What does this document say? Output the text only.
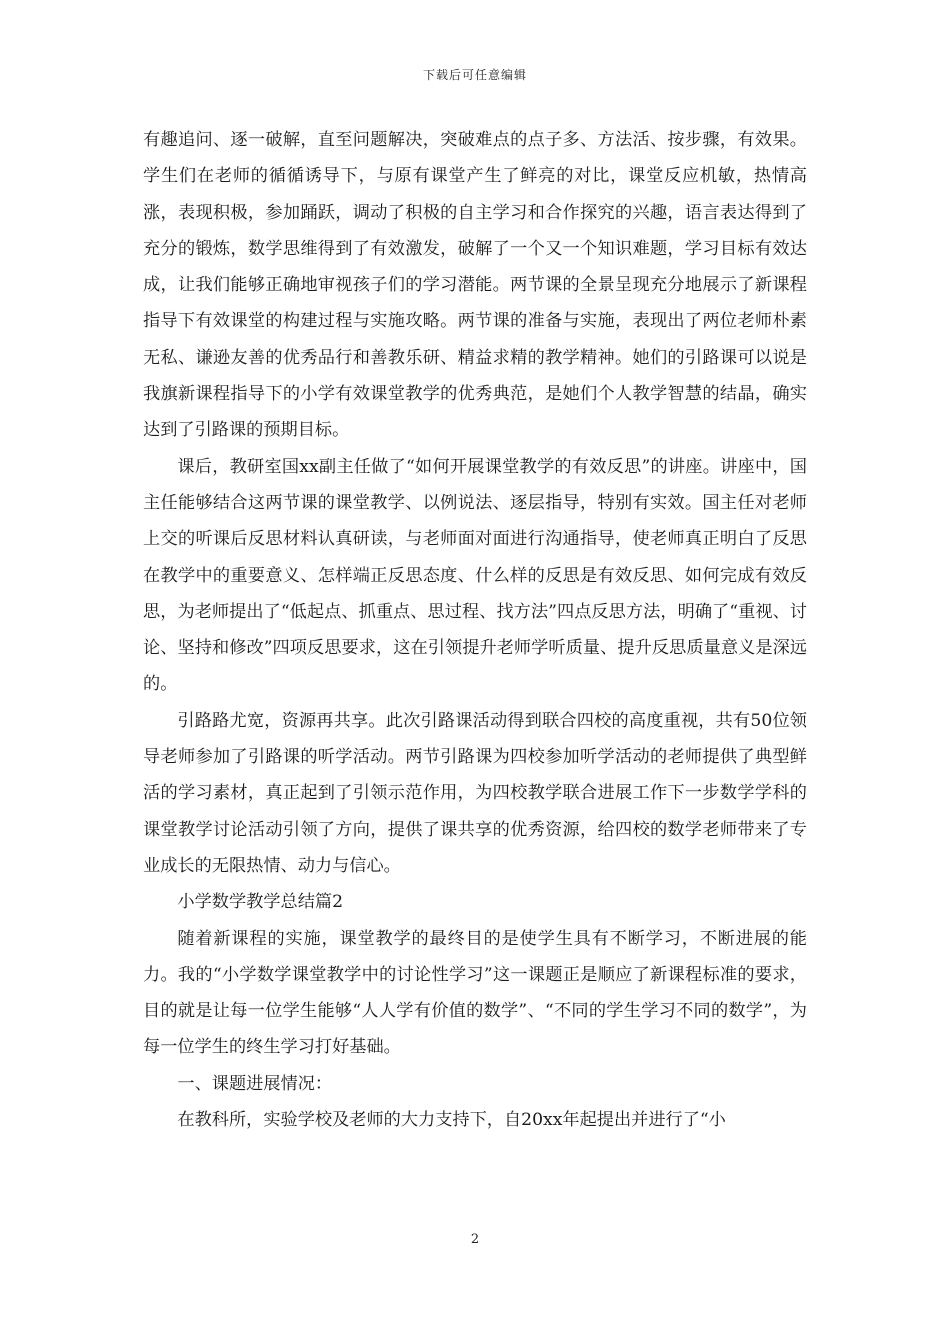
下载后可任意编辑

有趣追问、逐一破解，直至问题解决，突破难点的点子多、方法活、按步骤，有效果。学生们在老师的循循诱导下，与原有课堂产生了鲜亮的对比，课堂反应机敏，热情高涨，表现积极，参加踊跃，调动了积极的自主学习和合作探究的兴趣，语言表达得到了充分的锻炼，数学思维得到了有效激发，破解了一个又一个知识难题，学习目标有效达成，让我们能够正确地审视孩子们的学习潜能。两节课的全景呈现充分地展示了新课程指导下有效课堂的构建过程与实施攻略。两节课的准备与实施，表现出了两位老师朴素无私、谦逊友善的优秀品行和善教乐研、精益求精的教学精神。她们的引路课可以说是我旗新课程指导下的小学有效课堂教学的优秀典范，是她们个人教学智慧的结晶，确实达到了引路课的预期目标。

课后，教研室国xx副主任做了“如何开展课堂教学的有效反思”的讲座。讲座中，国主任能够结合这两节课的课堂教学、以例说法、逐层指导，特别有实效。国主任对老师上交的听课后反思材料认真研读，与老师面对面进行沟通指导，使老师真正明白了反思在教学中的重要意义、怎样端正反思态度、什么样的反思是有效反思、如何完成有效反思，为老师提出了“低起点、抓重点、思过程、找方法”四点反思方法，明确了“重视、讨论、坚持和修改”四项反思要求，这在引领提升老师学听质量、提升反思质量意义是深远的。

引路路尤宽，资源再共享。此次引路课活动得到联合四校的高度重视，共有50位领导老师参加了引路课的听学活动。两节引路课为四校参加听学活动的老师提供了典型鲜活的学习素材，真正起到了引领示范作用，为四校教学联合进展工作下一步数学学科的课堂教学讨论活动引领了方向，提供了课共享的优秀资源，给四校的数学老师带来了专业成长的无限热情、动力与信心。

小学数学教学总结篇2

随着新课程的实施，课堂教学的最终目的是使学生具有不断学习，不断进展的能力。我的“小学数学课堂教学中的讨论性学习”这一课题正是顺应了新课程标准的要求，目的就是让每一位学生能够“人人学有价值的数学”、“不同的学生学习不同的数学”，为每一位学生的终生学习打好基础。

一、课题进展情况：

在教科所，实验学校及老师的大力支持下，自20xx年起提出并进行了“小

2
